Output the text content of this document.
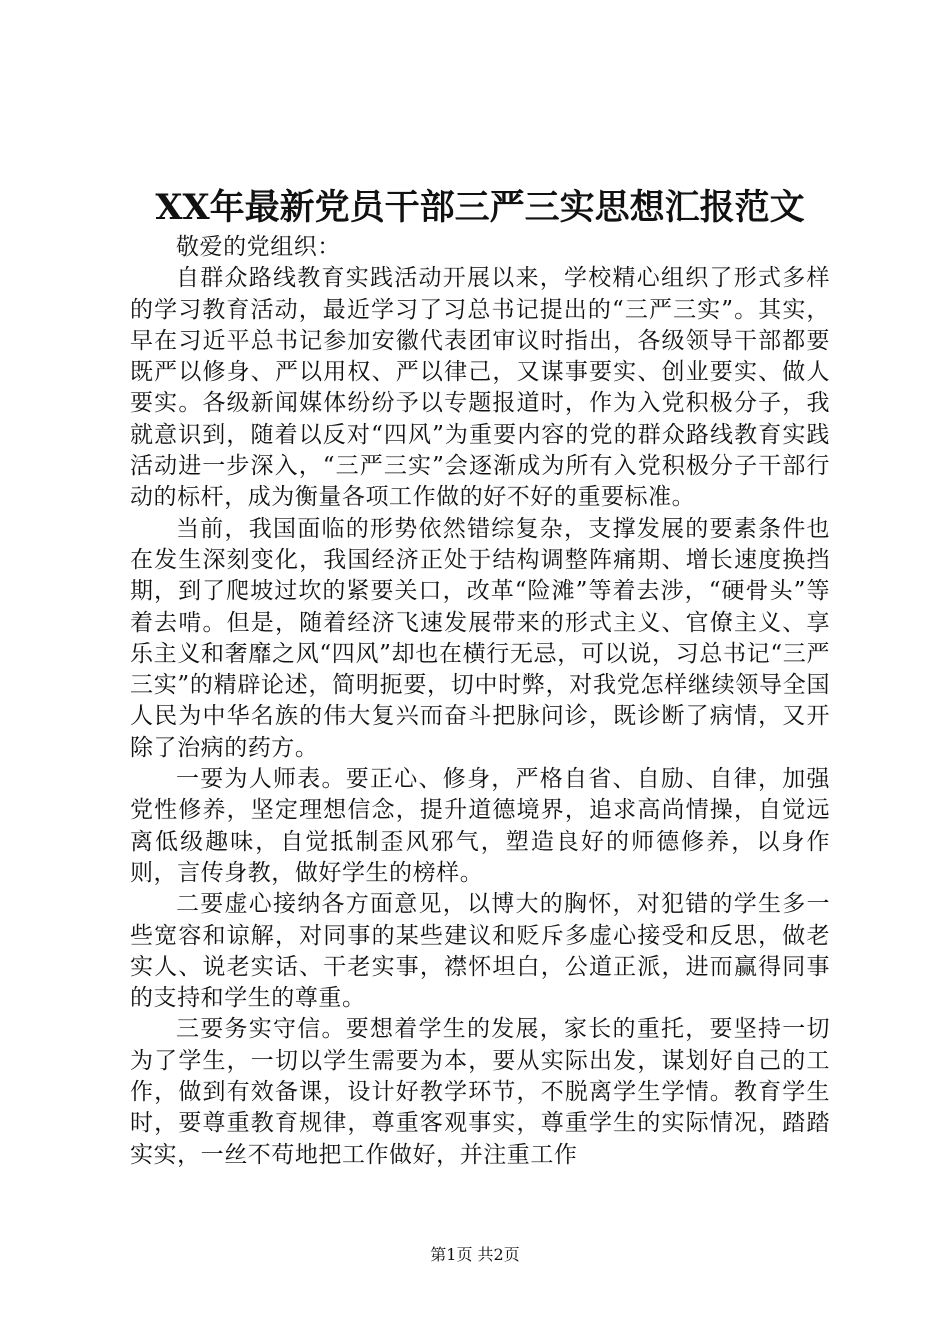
XX年最新党员干部三严三实思想汇报范文

敬爱的党组织：

自群众路线教育实践活动开展以来，学校精心组织了形式多样的学习教育活动，最近学习了习总书记提出的“三严三实”。其实，早在习近平总书记参加安徽代表团审议时指出，各级领导干部都要既严以修身、严以用权、严以律己，又谋事要实、创业要实、做人要实。各级新闻媒体纷纷予以专题报道时，作为入党积极分子，我就意识到，随着以反对“四风”为重要内容的党的群众路线教育实践活动进一步深入，“三严三实”会逐渐成为所有入党积极分子干部行动的标杆，成为衡量各项工作做的好不好的重要标准。

当前，我国面临的形势依然错综复杂，支撑发展的要素条件也在发生深刻变化，我国经济正处于结构调整阵痛期、增长速度换挡期，到了爬坡过坎的紧要关口，改革“险滩”等着去涉，“硬骨头”等着去啃。但是，随着经济飞速发展带来的形式主义、官僚主义、享乐主义和奢靡之风“四风”却也在横行无忌，可以说，习总书记“三严三实”的精辟论述，简明扼要，切中时弊，对我党怎样继续领导全国人民为中华名族的伟大复兴而奋斗把脉问诊，既诊断了病情，又开除了治病的药方。

一要为人师表。要正心、修身，严格自省、自励、自律，加强党性修养，坚定理想信念，提升道德境界，追求高尚情操，自觉远离低级趣味，自觉抵制歪风邪气，塑造良好的师德修养，以身作则，言传身教，做好学生的榜样。

二要虚心接纳各方面意见，以博大的胸怀，对犯错的学生多一些宽容和谅解，对同事的某些建议和贬斥多虚心接受和反思，做老实人、说老实话、干老实事，襟怀坦白，公道正派，进而赢得同事的支持和学生的尊重。

三要务实守信。要想着学生的发展，家长的重托，要坚持一切为了学生，一切以学生需要为本，要从实际出发，谋划好自己的工作，做到有效备课，设计好教学环节，不脱离学生学情。教育学生时，要尊重教育规律，尊重客观事实，尊重学生的实际情况，踏踏实实，一丝不苟地把工作做好，并注重工作

第1页 共2页
